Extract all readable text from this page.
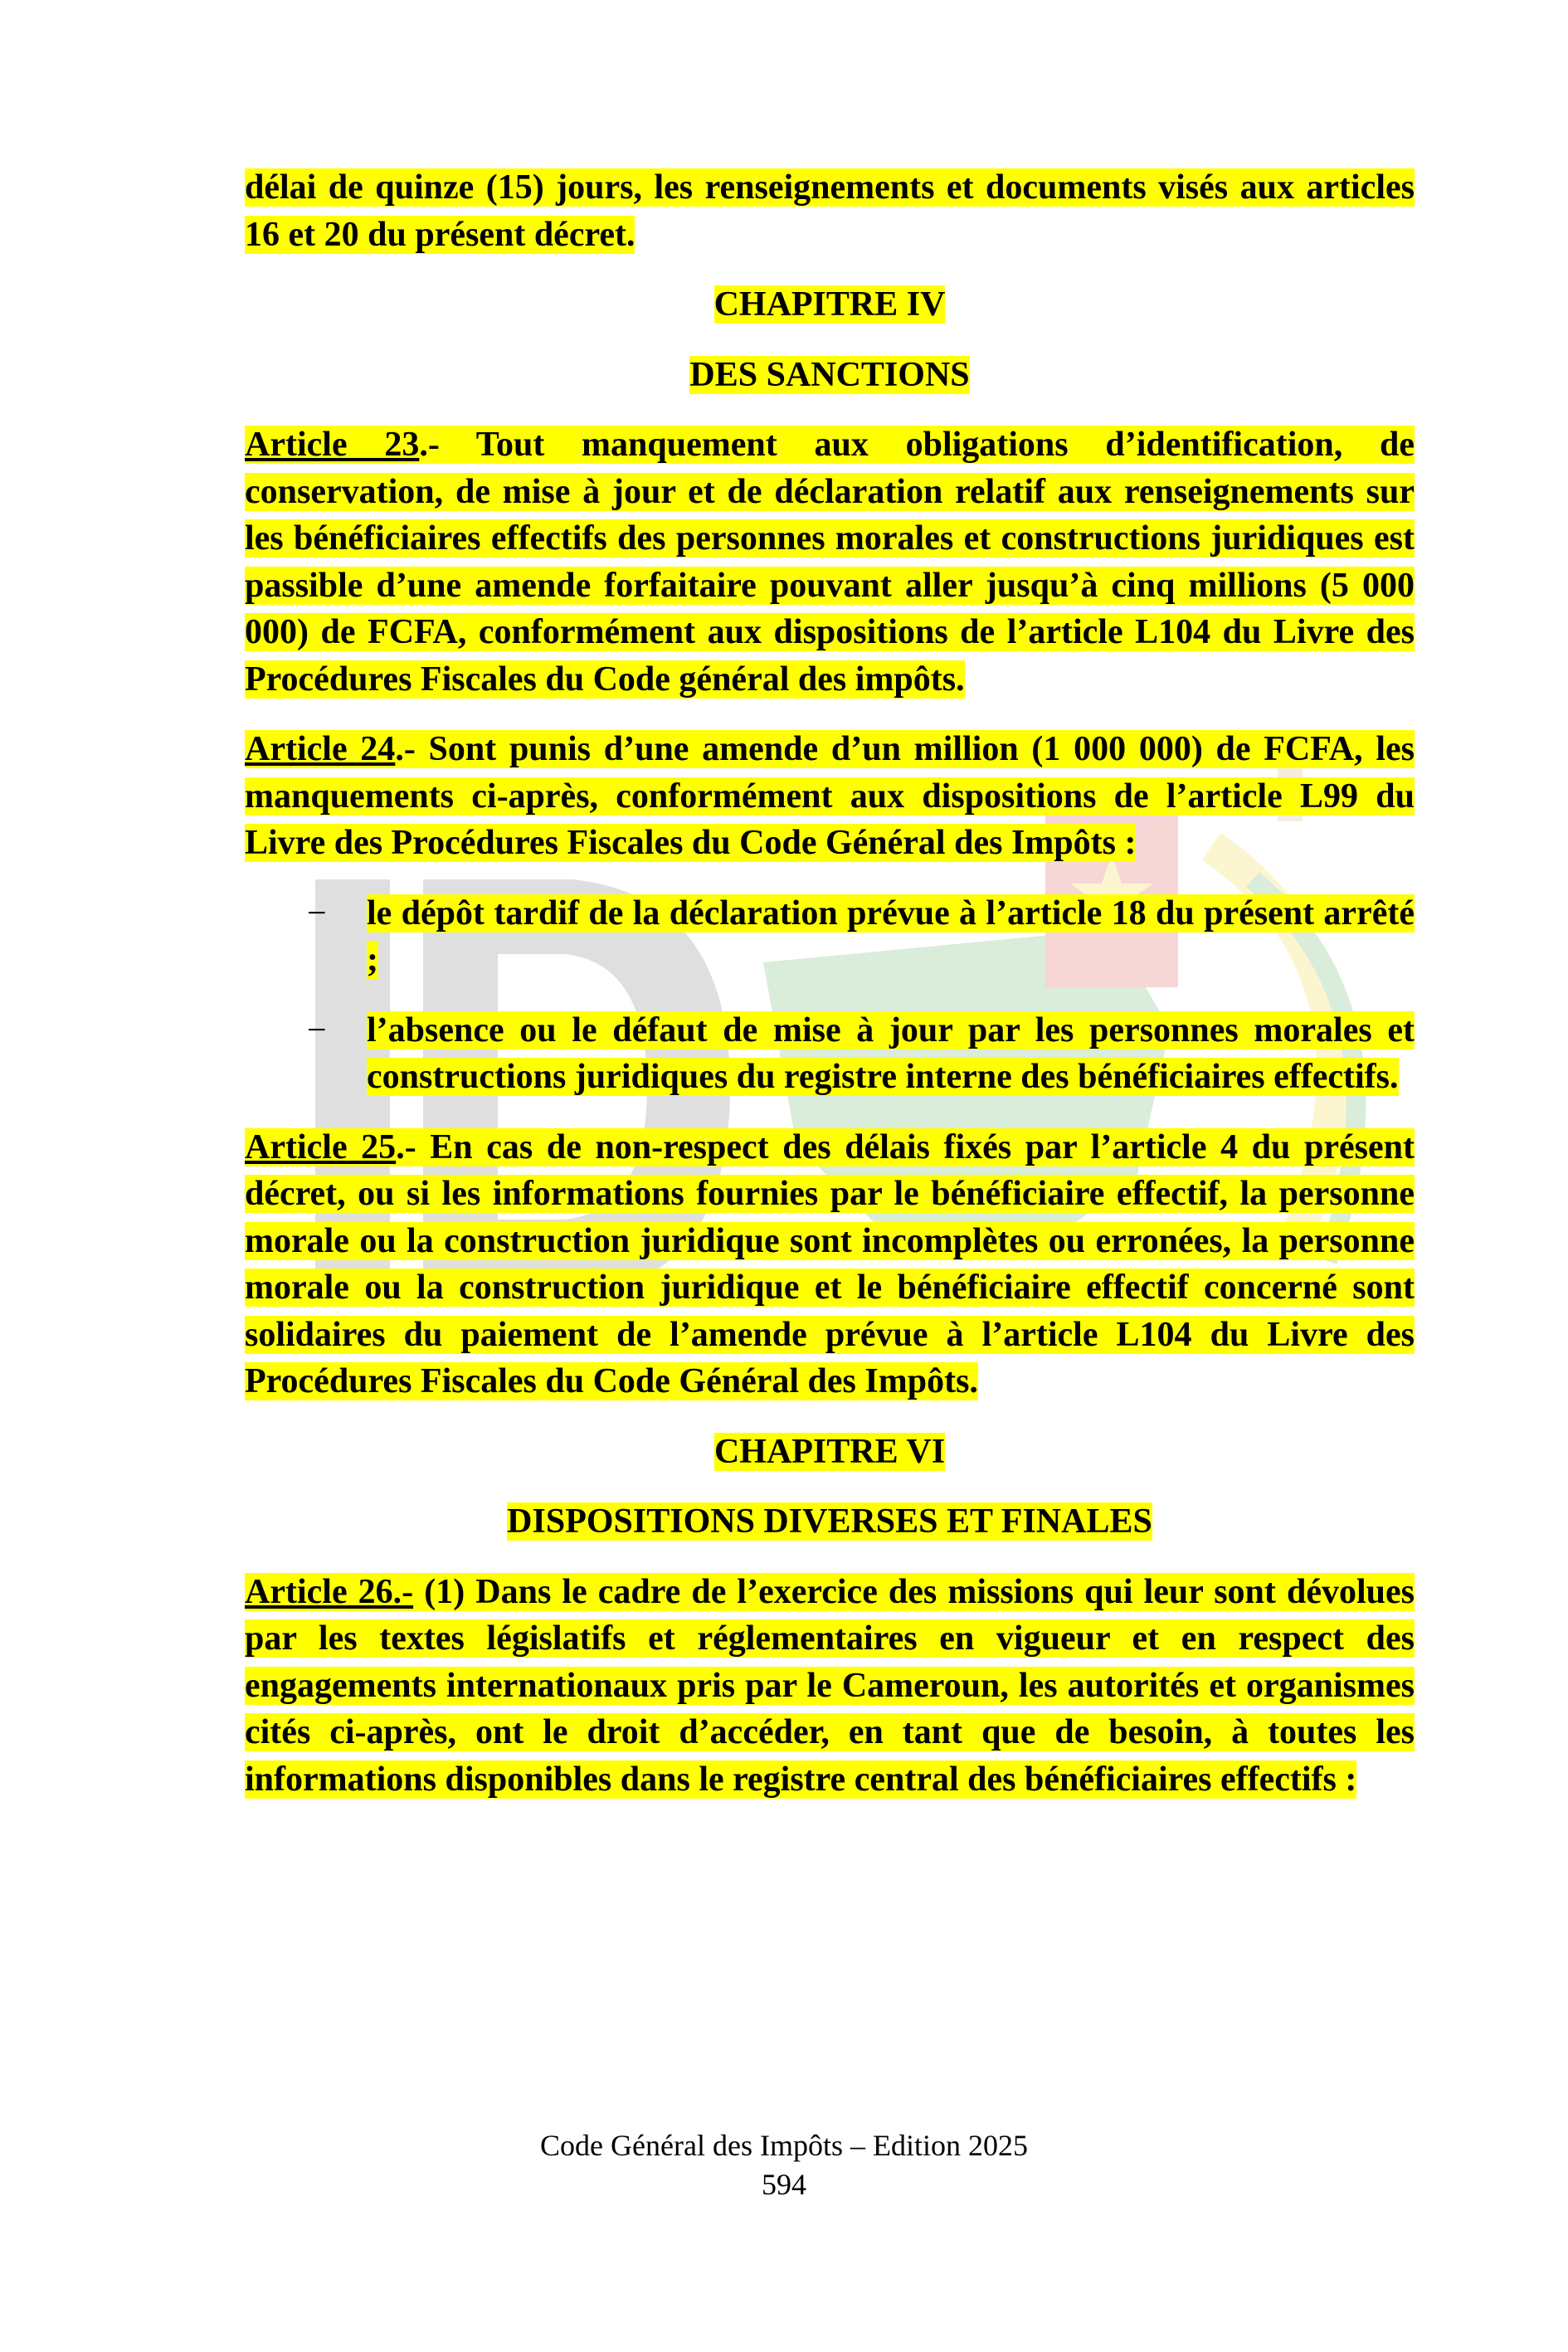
délai de quinze (15) jours, les renseignements et documents visés aux articles 16 et 20 du présent décret.

CHAPITRE IV

DES SANCTIONS

Article 23.- Tout manquement aux obligations d’identification, de conservation, de mise à jour et de déclaration relatif aux renseignements sur les bénéficiaires effectifs des personnes morales et constructions juridiques est passible d’une amende forfaitaire pouvant aller jusqu’à cinq millions (5 000 000) de FCFA, conformément aux dispositions de l’article L104 du Livre des Procédures Fiscales du Code général des impôts.

Article 24.- Sont punis d’une amende d’un million (1 000 000) de FCFA, les manquements ci-après, conformément aux dispositions de l’article L99 du Livre des Procédures Fiscales du Code Général des Impôts :

−	le dépôt tardif de la déclaration prévue à l’article 18 du présent arrêté ;
−	l’absence ou le défaut de mise à jour par les personnes morales et constructions juridiques du registre interne des bénéficiaires effectifs.

Article 25.- En cas de non-respect des délais fixés par l’article 4 du présent décret, ou si les informations fournies par le bénéficiaire effectif, la personne morale ou la construction juridique sont incomplètes ou erronées, la personne morale ou la construction juridique et le bénéficiaire effectif concerné sont solidaires du paiement de l’amende prévue à l’article L104 du Livre des Procédures Fiscales du Code Général des Impôts.

CHAPITRE VI

DISPOSITIONS DIVERSES ET FINALES

Article 26.- (1) Dans le cadre de l’exercice des missions qui leur sont dévolues par les textes législatifs et réglementaires en vigueur et en respect des engagements internationaux pris par le Cameroun, les autorités et organismes cités ci-après, ont le droit d’accéder, en tant que de besoin, à toutes les informations disponibles dans le registre central des bénéficiaires effectifs :

Code Général des Impôts – Edition 2025
594
